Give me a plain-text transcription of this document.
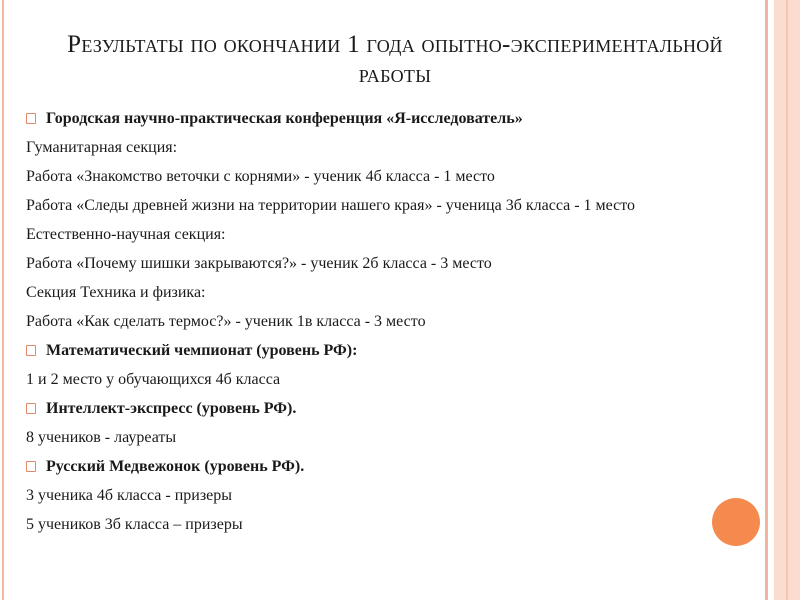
Результаты по окончании 1 года опытно-экспериментальной
работы
Городская научно-практическая конференция «Я-исследователь»
Гуманитарная секция:
Работа «Знакомство веточки с корнями» - ученик 4б класса - 1 место
Работа «Следы древней жизни на территории нашего края» - ученица 3б класса - 1 место
Естественно-научная секция:
Работа «Почему шишки закрываются?» - ученик 2б класса - 3 место
Секция Техника и физика:
Работа «Как сделать термос?» - ученик 1в класса - 3 место
Математический чемпионат (уровень РФ):
1 и 2 место у обучающихся 4б класса
Интеллект-экспресс (уровень РФ).
8 учеников - лауреаты
Русский Медвежонок (уровень РФ).
3 ученика 4б класса - призеры
5 учеников 3б класса – призеры
